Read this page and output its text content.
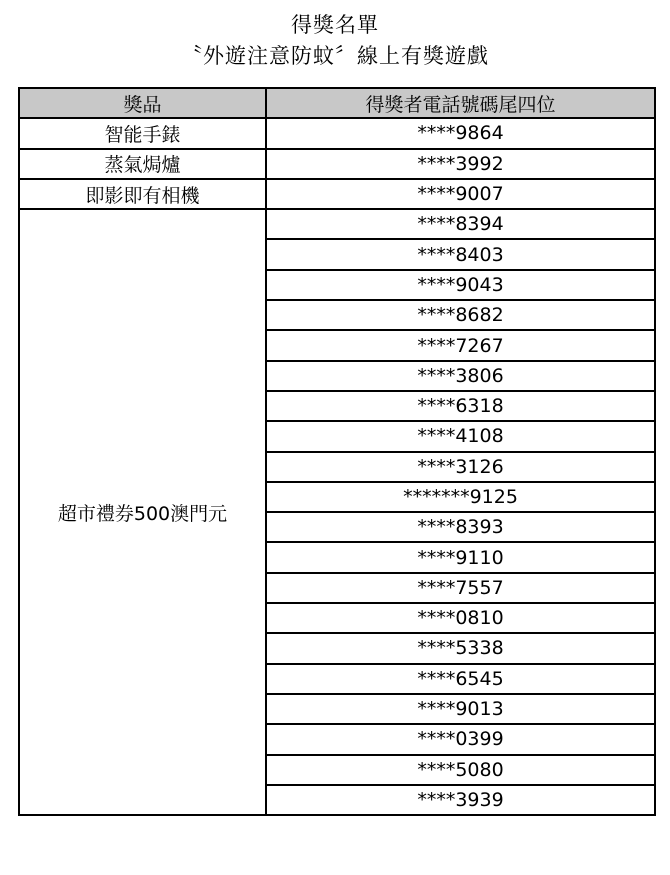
得獎名單
〝外遊注意防蚊〞線上有獎遊戲
獎品	得獎者電話號碼尾四位
智能手錶	****9864
蒸氣焗爐	****3992
即影即有相機	****9007
超市禮券500澳門元	****8394
	****8403
	****9043
	****8682
	****7267
	****3806
	****6318
	****4108
	****3126
	*******9125
	****8393
	****9110
	****7557
	****0810
	****5338
	****6545
	****9013
	****0399
	****5080
	****3939
